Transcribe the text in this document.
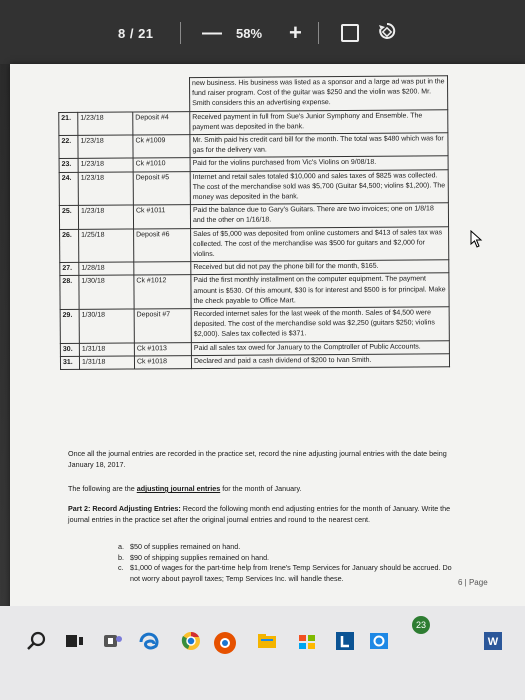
8 / 21 — 58% +
			new business. His business was listed as a sponsor and a large ad was put in the fund raiser program. Cost of the guitar was $250 and the violin was $200. Mr. Smith considers this an advertising expense.
21.	1/23/18	Deposit #4	Received payment in full from Sue's Junior Symphony and Ensemble. The payment was deposited in the bank.
22.	1/23/18	Ck #1009	Mr. Smith paid his credit card bill for the month. The total was $480 which was for gas for the delivery van.
23.	1/23/18	Ck #1010	Paid for the violins purchased from Vic's Violins on 9/08/18.
24.	1/23/18	Deposit #5	Internet and retail sales totaled $10,000 and sales taxes of $825 was collected. The cost of the merchandise sold was $5,700 (Guitar $4,500; violins $1,200). The money was deposited in the bank.
25.	1/23/18	Ck #1011	Paid the balance due to Gary's Guitars. There are two invoices; one on 1/8/18 and the other on 1/16/18.
26.	1/25/18	Deposit #6	Sales of $5,000 was deposited from online customers and $413 of sales tax was collected. The cost of the merchandise was $500 for guitars and $2,000 for violins.
27.	1/28/18		Received but did not pay the phone bill for the month, $165.
28.	1/30/18	Ck #1012	Paid the first monthly installment on the computer equipment. The payment amount is $530. Of this amount, $30 is for interest and $500 is for principal. Make the check payable to Office Mart.
29.	1/30/18	Deposit #7	Recorded internet sales for the last week of the month. Sales of $4,500 were deposited. The cost of the merchandise sold was $2,250 (guitars $250; violins $2,000). Sales tax collected is $371.
30.	1/31/18	Ck #1013	Paid all sales tax owed for January to the Comptroller of Public Accounts.
31.	1/31/18	Ck #1018	Declared and paid a cash dividend of $200 to Ivan Smith.
Once all the journal entries are recorded in the practice set, record the nine adjusting journal entries with the date being January 18, 2017.
The following are the adjusting journal entries for the month of January.
Part 2: Record Adjusting Entries: Record the following month end adjusting entries for the month of January. Write the journal entries in the practice set after the original journal entries and round to the nearest cent.
a. $50 of supplies remained on hand.
b. $90 of shipping supplies remained on hand.
c. $1,000 of wages for the part-time help from Irene's Temp Services for January should be accrued. Do not worry about payroll taxes; Temp Services Inc. will handle these.	6 | Page
23
W
